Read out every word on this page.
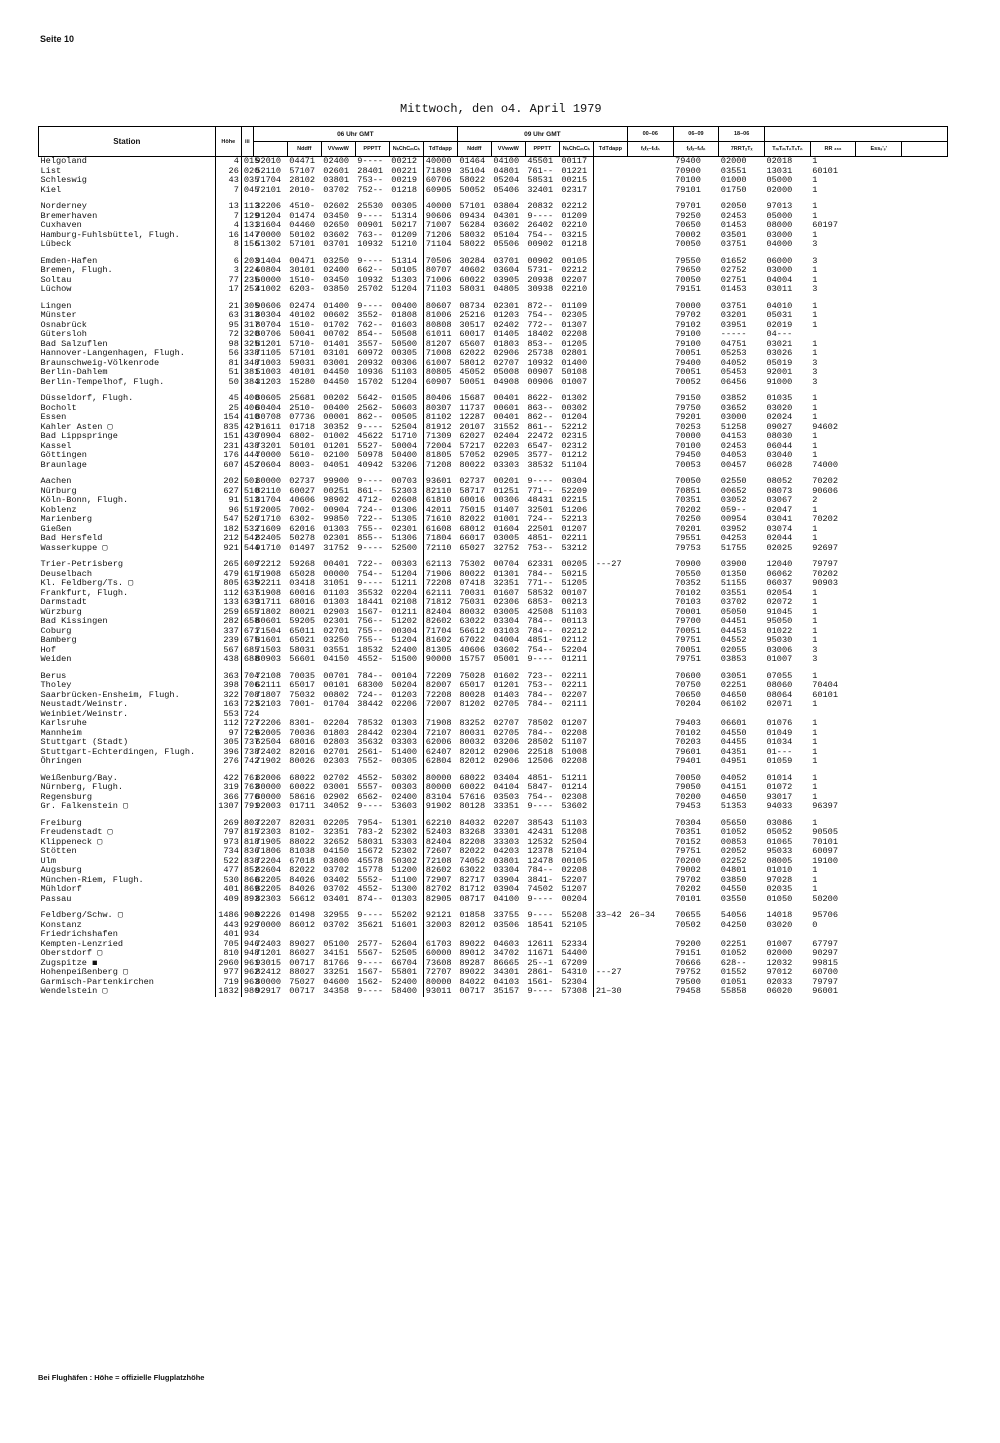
Seite 10
Mittwoch, den o4. April 1979
Station	Höhe	iii	06 Uhr GMT						09 Uhr GMT					00–06	06–09	18–06				
				Nddff	VVwwW	PPPTT	NₕChCₘCₕ	TdTdapp	Nddff	VVwwW	PPPTT	NₕChCₘCₕ	TdTdapp	fₓfₓ–fₙfₙ	fₓfₓ–fₙfₙ	7RRTₓTₓ	TₘTₘTₙTₙTₙ	RR ₃₆₆	Essₛ'ₛ'	
Helgoland	4	015	92010	04471	02400	9----	00212	40000	01464	04100	45501	00117			79400	02000	02018	1		
List	26	020	52110	57107	02601	28401	00221	71809	35104	04801	761--	01221			70900	03551	13031	60101		
Schleswig	43	035	71704	28102	03801	753--	00219	60706	58022	05204	58531	00215			70100	01000	05000	1		
Kiel	7	045	72101	2010-	03702	752--	01218	60905	50052	05406	32401	02317			79101	01750	02000	1		
Norderney	13	113	32206	4510-	02602	25530	00305	40000	57101	03804	20832	02212			79701	02050	97013	1		
Bremerhaven	7	129	91204	01474	03450	9----	51314	90606	09434	04301	9----	01209			79250	02453	05000	1		
Cuxhaven	4	131	31604	04460	02650	00901	50217	71007	56284	03602	26402	02210			70650	01453	08000	60197		
Hamburg-Fuhlsbüttel, Flugh.	16	147	70000	50102	03602	763--	01209	71206	58032	05104	754--	03215			70002	03501	03000	1		
Lübeck	8	156	51302	57101	03701	10932	51210	71104	58022	05506	00902	01218			70050	03751	04000	3		
Emden-Hafen	6	203	91404	00471	03250	9----	51314	70506	30284	03701	00902	00105			79550	01652	06000	3		
Bremen, Flugh.	3	224	60804	30101	02400	662--	50105	80707	40602	03604	5731-	02212			79650	02752	03000	1		
Soltau	77	235	60000	1510-	03450	10932	51303	71006	60022	03905	20938	02207			70050	02751	04004	1		
Lüchow	17	253	41002	6203-	03850	25702	51204	71103	58031	04805	30938	02210			79151	01453	03011	3		
Lingen	21	305	90606	02474	01400	9----	00400	80607	08734	02301	872--	01109			70000	03751	04010	1		
Münster	63	313	80304	40102	00602	3552-	01808	81006	25216	01203	754--	02305			79702	03201	05031	1		
Osnabrück	95	317	80704	1510-	01702	762--	01603	80808	30517	02402	772--	01307			79102	03951	02019	1		
Gütersloh	72	320	80706	50041	00702	854--	50508	61011	60017	01405	18402	02208			79100	-----	04---			
Bad Salzuflen	98	325	81201	5710-	01401	3557-	50500	81207	65607	01803	853--	01205			79100	04751	03021	1		
Hannover-Langenhagen, Flugh.	56	338	71105	57101	03101	60972	00305	71008	62022	02906	25738	02801			70051	05253	03026	1		
Braunschweig-Völkenrode	81	348	71003	59031	03001	20932	00306	61007	58012	02707	10932	01400			79400	04052	05019	3		
Berlin-Dahlem	51	381	51003	40101	04450	10936	51103	80805	45052	05008	00907	50108			70051	05453	92001	3		
Berlin-Tempelhof, Flugh.	50	384	31203	15280	04450	15702	51204	60907	50051	04908	00906	01007			70052	06456	91000	3		
Düsseldorf, Flugh.	45	400	80605	25681	00202	5642-	01505	80406	15687	00401	8622-	01302			79150	03852	01035	1		
Bocholt	25	406	80404	2510-	00400	2562-	50603	80307	11737	00601	863--	00302			79750	03652	03020	1		
Essen	154	410	80708	07736	00001	862--	00505	81102	12287	00401	862--	01204			79201	03000	02024	1		
Kahler Asten ▢	835	427	91611	01718	30352	9----	52504	81912	20107	31552	861--	52212			70253	51258	09027	94602		
Bad Lippspringe	151	430	70904	6802-	01002	45622	51710	71309	62027	02404	22472	02315			70000	04153	08030	1		
Kassel	231	438	73201	50101	01201	5527-	50004	72004	57217	02203	6547-	02312			70100	02453	06044	1		
Göttingen	176	444	70000	5610-	02100	50978	50400	81805	57052	02905	3577-	01212			79450	04053	03040	1		
Braunlage	607	452	70604	8003-	04051	40942	53206	71208	80022	03303	38532	51104			70053	00457	06028	74000		
Aachen	202	501	80000	02737	99900	9----	00703	93601	02737	00201	9----	00304			70050	02550	08052	70202		
Nürburg	627	510	82110	60027	00251	861--	52303	82110	58717	01251	771--	52209			70851	00652	08073	90606		
Köln-Bonn, Flugh.	91	513	81704	40606	98902	4712-	02608	61810	60016	00306	48431	02215			70351	03052	03067	2		
Koblenz	96	515	72005	7002-	00904	724--	01306	42011	75015	01407	32501	51206			70202	059--	02047	1		
Marienberg	547	526	71710	6302-	99850	722--	51305	71610	82022	01001	724--	52213			70250	00954	03041	70202		
Gießen	182	532	71609	62016	01303	755--	02301	61608	68012	01604	22501	01207			70201	03952	03074	1		
Bad Hersfeld	212	542	82405	50278	02301	855--	51306	71804	66017	03005	4851-	02211			79551	04253	02044	1		
Wasserkuppe ▢	921	544	91710	01497	31752	9----	52500	72110	65027	32752	753--	53212			79753	51755	02025	92697		
Trier-Petrisberg	265	609	72212	59268	00401	722--	00303	62113	75302	00704	62331	00205	---27		70900	03900	12040	79797		
Deuselbach	479	615	71908	65028	00000	754--	51204	71906	80022	01301	784--	50215			70550	01350	06062	70202		
Kl. Feldberg/Ts. ▢	805	635	92211	03418	31051	9----	51211	72208	07418	32351	771--	51205			70352	51155	06037	90903		
Frankfurt, Flugh.	112	637	51908	60016	01103	35532	02204	62111	70031	01607	58532	00107			70102	03551	02054	1		
Darmstadt	133	639	31711	68016	01303	18441	02108	71812	75031	02306	6853-	00213			70103	03702	02072	1		
Würzburg	259	655	71802	80021	02903	1567-	01211	82404	80032	03005	42508	51103			70001	05050	91045	1		
Bad Kissingen	282	658	80601	59205	02301	756--	51202	82602	63022	03304	784--	00113			79700	04451	95050	1		
Coburg	337	671	71504	65011	02701	755--	00304	71704	56612	03103	784--	02212			70051	04453	01022	1		
Bamberg	239	675	81601	65021	03250	755--	51204	81602	67022	04004	4851-	02112			79751	04552	95030	1		
Hof	567	685	71503	58031	03551	18532	52400	81305	40606	03602	754--	52204			70051	02055	03006	3		
Weiden	438	688	80903	56601	04150	4552-	51500	90000	15757	05001	9----	01211			79751	03853	01007	3		
Berus	363	704	72108	70035	00701	784--	00104	72209	75028	01602	723--	02211			70600	03051	07055	1		
Tholey	398	706	62111	65017	00101	68300	50204	82007	65017	01201	753--	02211			70750	02251	08060	70404		
Saarbrücken-Ensheim, Flugh.	322	708	71807	75032	00802	724--	01203	72208	80028	01403	784--	02207			70650	04650	08064	60101		
Neustadt/Weinstr.	163	723	52103	7001-	01704	38442	02206	72007	81202	02705	784--	02111			70204	06102	02071	1		
Weinbiet/Weinstr.	553	724																		
Karlsruhe	112	727	72206	8301-	02204	78532	01303	71908	83252	02707	78502	01207			79403	06601	01076	1		
Mannheim	97	729	62005	70036	01803	28442	02304	72107	80031	02705	784--	02208			70102	04550	01049	1		
Stuttgart (Stadt)	305	737	62504	68016	02803	35632	03303	62006	80032	03206	28502	51107			70203	04455	01034	1		
Stuttgart-Echterdingen, Flugh.	396	738	72402	82016	02701	2561-	51400	62407	82012	02906	22518	51008			79601	04351	01---	1		
Öhringen	276	742	71902	80026	02303	7552-	00305	62804	82012	02906	12506	02208			79401	04951	01059	1		
Weißenburg/Bay.	422	761	82006	68022	02702	4552-	50302	80000	68022	03404	4851-	51211			70050	04052	01014	1		
Nürnberg, Flugh.	319	763	80000	60022	03001	5557-	00303	80000	60022	04104	5847-	01214			79050	04151	01072	1		
Regensburg	366	776	80000	58616	02902	6562-	02400	83104	57616	03503	754--	02308			70200	04650	93017	1		
Gr. Falkenstein ▢	1307	791	92003	01711	34052	9----	53603	91902	80128	33351	9----	53602			79453	51353	94033	96397		
Freiburg	269	803	72207	82031	02205	7954-	51301	62210	84032	02207	38543	51103			70304	05650	03086	1		
Freudenstadt ▢	797	815	72303	8102-	32351	783-2	52302	52403	83268	33301	42431	51208			70351	01052	05052	90505		
Klippeneck ▢	973	818	71905	88022	32652	58031	53303	82404	82208	33303	12532	52504			70152	00853	01065	70101		
Stötten	734	836	71806	81038	04150	15672	52302	72607	82022	04203	12378	52104			79751	02052	95033	60097		
Ulm	522	838	72204	67018	03800	45578	50302	72108	74052	03801	12478	00105			70200	02252	08005	19100		
Augsburg	477	852	82604	82022	03702	15778	51200	82602	63022	03304	784--	02208			79002	04801	01010	1		
München-Riem, Flugh.	530	866	82205	84026	03402	5552-	51100	72907	82717	03904	3841-	52207			79702	03850	97028	1		
Mühldorf	401	869	82205	84026	03702	4552-	51300	82702	81712	03904	74502	51207			70202	04550	02035	1		
Passau	409	893	82303	56612	03401	874--	01303	82905	08717	04100	9----	00204			70101	03550	01050	50200		
Feldberg/Schw. ▢	1486	908	92226	01498	32955	9----	55202	92121	01858	33755	9----	55208	33–42	26–34	70655	54056	14018	95706		
Konstanz	443	929	70000	86012	03702	35621	51601	32003	82012	03506	18541	52105			70502	04250	03020	0		
Friedrichshafen	401	934																		
Kempten-Lenzried	705	946	72403	89027	05100	2577-	52604	61703	89022	04603	12611	52334			79200	02251	01007	67797		
Oberstdorf ▢	810	948	71201	86027	34151	5567-	52505	60000	89012	34702	11671	54400			79151	01052	02000	90297		
Zugspitze ◼	2960	961	93015	00717	81766	9----	66704	73608	89287	86665	25--1	67209			70666	628--	12032	99815		
Hohenpeißenberg ▢	977	962	82412	88027	33251	1567-	55801	72707	89022	34301	2861-	54310	---27		79752	01552	97012	60700		
Garmisch-Partenkirchen	719	963	80000	75027	04600	1562-	52400	80000	84022	04103	1561-	52304			79500	01051	02033	79797		
Wendelstein ▢	1832	980	92917	00717	34358	9----	58400	93011	00717	35157	9----	57308	21–30		79458	55858	06020	96001		
Bei Flughäfen : Höhe = offizielle Flugplatzhöhe
